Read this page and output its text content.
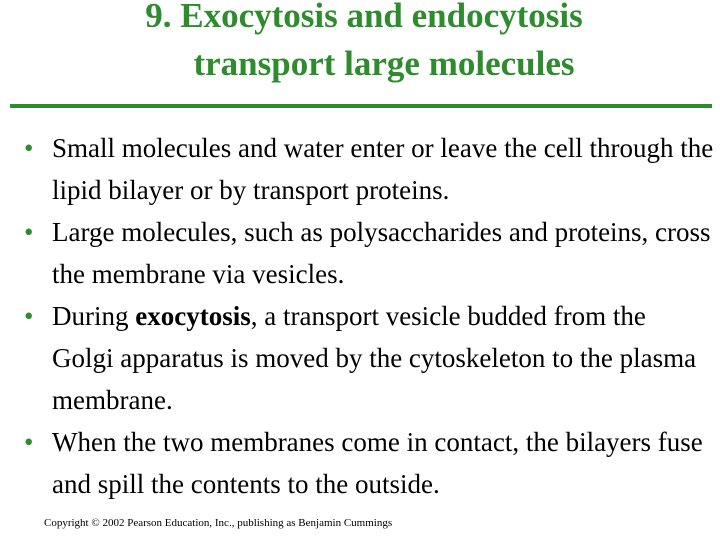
9. Exocytosis and endocytosis
transport large molecules
• Small molecules and water enter or leave the cell through the lipid bilayer or by transport proteins.
• Large molecules, such as polysaccharides and proteins, cross the membrane via vesicles.
• During exocytosis, a transport vesicle budded from the Golgi apparatus is moved by the cytoskeleton to the plasma membrane.
• When the two membranes come in contact, the bilayers fuse and spill the contents to the outside.
Copyright © 2002 Pearson Education, Inc., publishing as Benjamin Cummings
